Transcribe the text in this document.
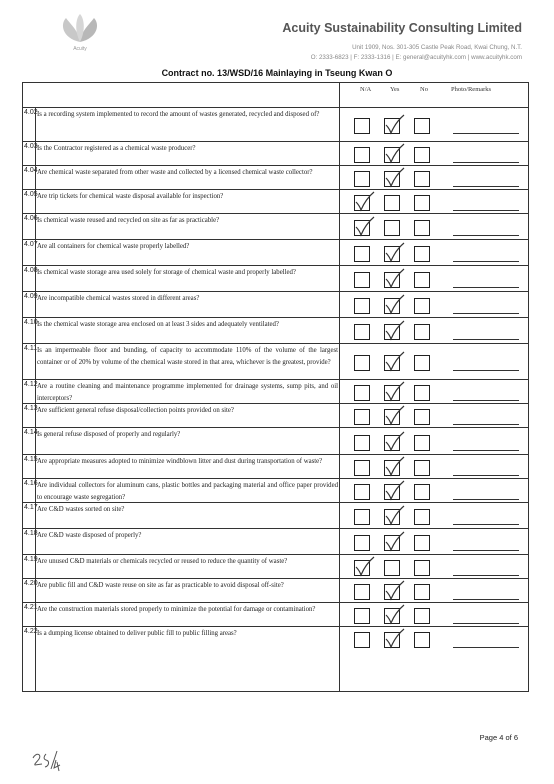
Acuity
Acuity Sustainability Consulting Limited
Unit 1909, Nos. 301-305 Castle Peak Road, Kwai Chung, N.T.
O: 2333-6823 | F: 2333-1316 | E: general@acuityhk.com | www.acuityhk.com
Contract no. 13/WSD/16 Mainlaying in Tseung Kwan O
N/A	Yes	No	Photo/Remarks
4.02 Is a recording system implemented to record the amount of wastes generated, recycled and disposed of?
4.03 Is the Contractor registered as a chemical waste producer?
4.04 Are chemical waste separated from other waste and collected by a licensed chemical waste collector?
4.05 Are trip tickets for chemical waste disposal available for inspection?
4.06 Is chemical waste reused and recycled on site as far as practicable?
4.07 Are all containers for chemical waste properly labelled?
4.08 Is chemical waste storage area used solely for storage of chemical waste and properly labelled?
4.09 Are incompatible chemical wastes stored in different areas?
4.10 Is the chemical waste storage area enclosed on at least 3 sides and adequately ventilated?
4.11 Is an impermeable floor and bunding, of capacity to accommodate 110% of the volume of the largest container or of 20% by volume of the chemical waste stored in that area, whichever is the greatest, provide?
4.12 Are a routine cleaning and maintenance programme implemented for drainage systems, sump pits, and oil interceptors?
4.13 Are sufficient general refuse disposal/collection points provided on site?
4.14 Is general refuse disposed of properly and regularly?
4.15 Are appropriate measures adopted to minimize windblown litter and dust during transportation of waste?
4.16 Are individual collectors for aluminum cans, plastic bottles and packaging material and office paper provided to encourage waste segregation?
4.17 Are C&D wastes sorted on site?
4.18 Are C&D waste disposed of properly?
4.19 Are unused C&D materials or chemicals recycled or reused to reduce the quantity of waste?
4.20 Are public fill and C&D waste reuse on site as far as practicable to avoid disposal off-site?
4.21 Are the construction materials stored properly to minimize the potential for damage or contamination?
4.22 Is a dumping license obtained to deliver public fill to public filling areas?
Page 4 of 6
